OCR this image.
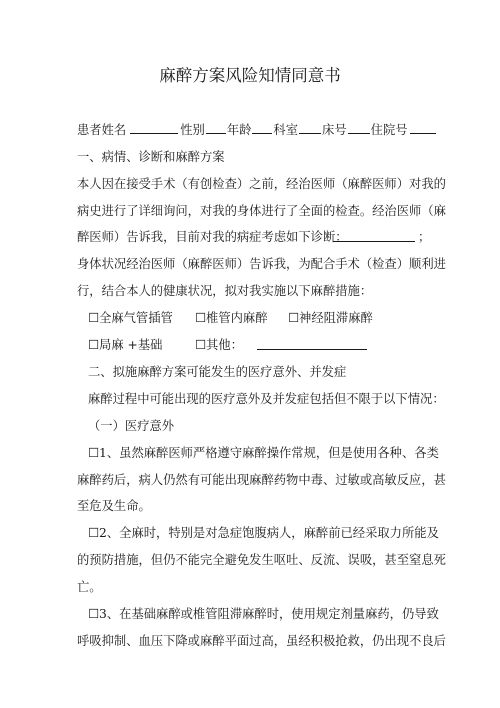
麻醉方案风险知情同意书
患者姓名	性别 年龄 科室 床号 住院号
一、病情、诊断和麻醉方案
本人因在接受手术（有创检查）之前，经治医师（麻醉医师）对我的
病史进行了详细询问，对我的身体进行了全面的检查。经治医师（麻
醉医师）告诉我，目前对我的病症考虑如下诊断：	；
身体状况经治医师（麻醉医师）告诉我，为配合手术（检查）顺利进
行，结合本人的健康状况，拟对我实施以下麻醉措施：
☐全麻气管插管 ☐椎管内麻醉 ☐神经阻滞麻醉
☐局麻 +基础	☐其他：
二、拟施麻醉方案可能发生的医疗意外、并发症
麻醉过程中可能出现的医疗意外及并发症包括但不限于以下情况：
（一）医疗意外
☐1、虽然麻醉医师严格遵守麻醉操作常规，但是使用各种、各类
麻醉药后，病人仍然有可能出现麻醉药物中毒、过敏或高敏反应，甚
至危及生命。
☐2、全麻时，特别是对急症饱腹病人，麻醉前已经采取力所能及
的预防措施，但仍不能完全避免发生呕吐、反流、误吸，甚至窒息死
亡。
☐3、在基础麻醉或椎管阻滞麻醉时，使用规定剂量麻药，仍导致
呼吸抑制、血压下降或麻醉平面过高，虽经积极抢救，仍出现不良后
